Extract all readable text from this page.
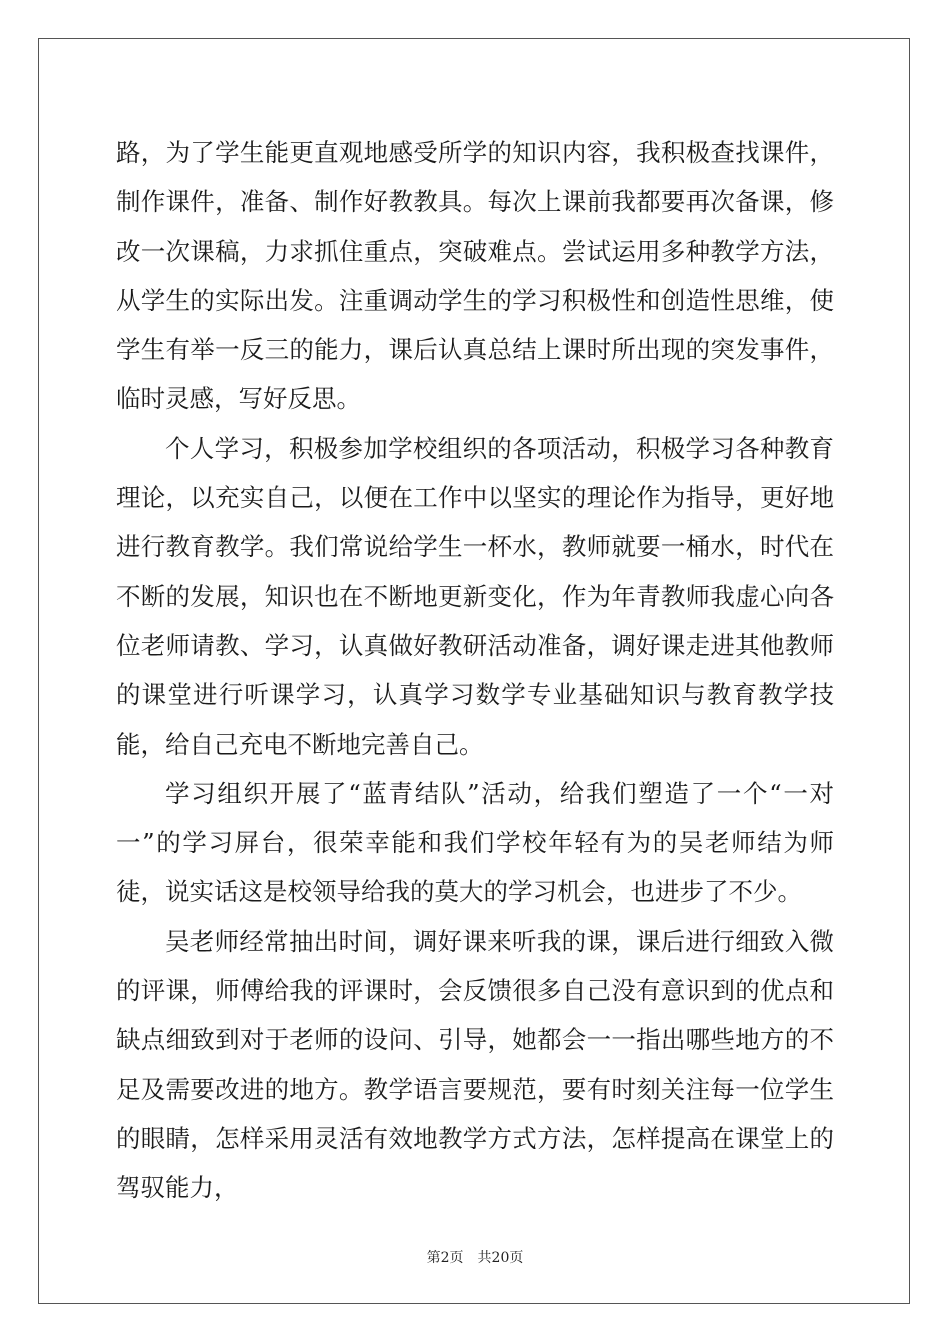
路，为了学生能更直观地感受所学的知识内容，我积极查找课件，制作课件，准备、制作好教教具。每次上课前我都要再次备课，修改一次课稿，力求抓住重点，突破难点。尝试运用多种教学方法，从学生的实际出发。注重调动学生的学习积极性和创造性思维，使学生有举一反三的能力，课后认真总结上课时所出现的突发事件，临时灵感，写好反思。

个人学习，积极参加学校组织的各项活动，积极学习各种教育理论，以充实自己，以便在工作中以坚实的理论作为指导，更好地进行教育教学。我们常说给学生一杯水，教师就要一桶水，时代在不断的发展，知识也在不断地更新变化，作为年青教师我虚心向各位老师请教、学习，认真做好教研活动准备，调好课走进其他教师的课堂进行听课学习，认真学习数学专业基础知识与教育教学技能，给自己充电不断地完善自己。

学习组织开展了“蓝青结队”活动，给我们塑造了一个“一对一”的学习屏台，很荣幸能和我们学校年轻有为的吴老师结为师徒，说实话这是校领导给我的莫大的学习机会，也进步了不少。

吴老师经常抽出时间，调好课来听我的课，课后进行细致入微的评课，师傅给我的评课时，会反馈很多自己没有意识到的优点和缺点细致到对于老师的设问、引导，她都会一一指出哪些地方的不足及需要改进的地方。教学语言要规范，要有时刻关注每一位学生的眼睛，怎样采用灵活有效地教学方式方法，怎样提高在课堂上的驾驭能力，

第2页 共20页
